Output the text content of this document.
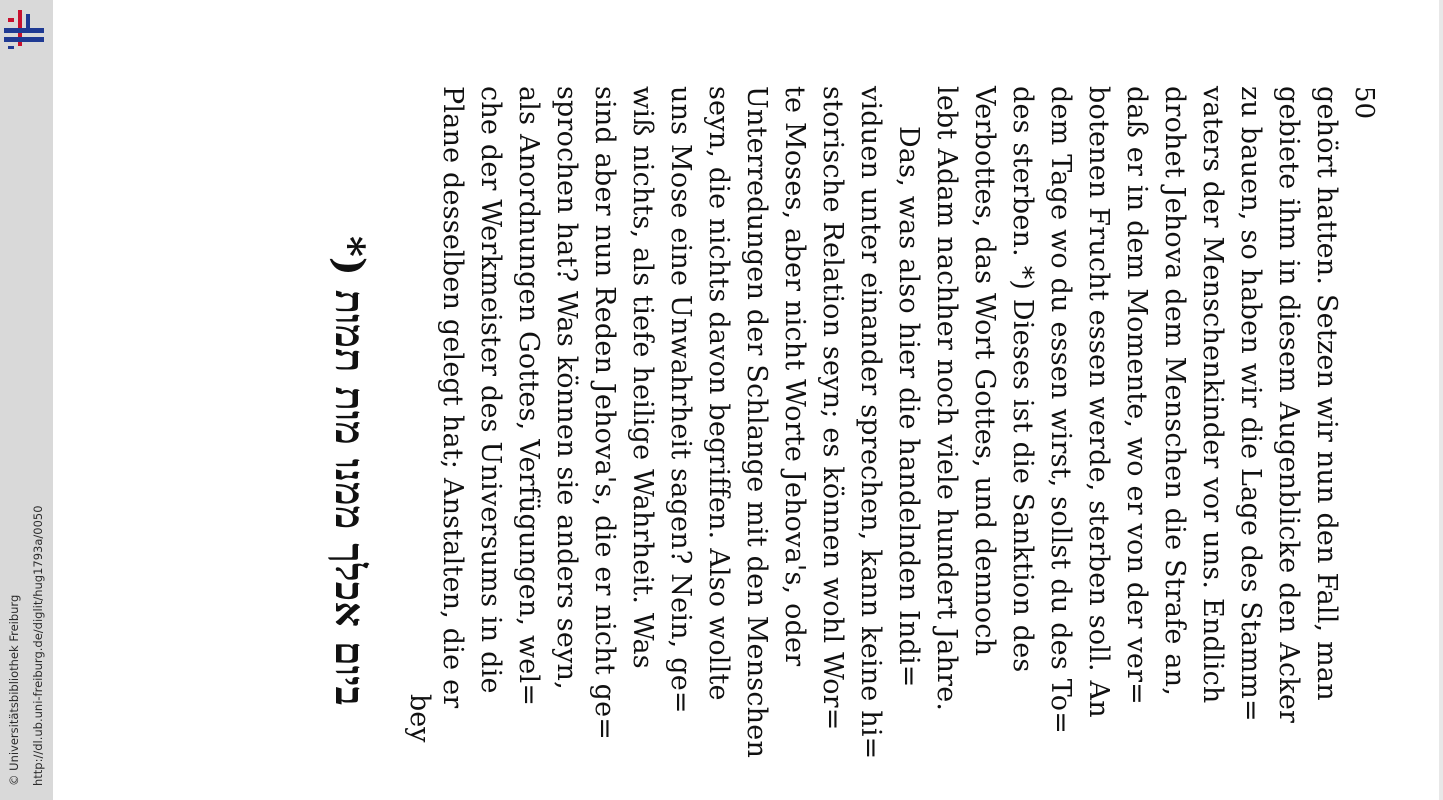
http://dl.ub.uni-freiburg.de/diglit/hug1793a/0050
© Universitätsbibliothek Freiburg
50
gehört hatten. Setzen wir nun den Fall, man
gebiete ihm in diesem Augenblicke den Acker
zu bauen, so haben wir die Lage des Stamm=
vaters der Menschenkinder vor uns. Endlich
drohet Jehova dem Menschen die Strafe an,
daß er in dem Momente, wo er von der ver=
botenen Frucht essen werde, sterben soll. An
dem Tage wo du essen wirst, sollst du des To=
des sterben. *) Dieses ist die Sanktion des
Verbottes, das Wort Gottes, und dennoch
lebt Adam nachher noch viele hundert Jahre.
Das, was also hier die handelnden Indi=
viduen unter einander sprechen, kann keine hi=
storische Relation seyn; es können wohl Wor=
te Moses, aber nicht Worte Jehova's, oder
Unterredungen der Schlange mit den Menschen
seyn, die nichts davon begriffen. Also wollte
uns Mose eine Unwahrheit sagen? Nein, ge=
wiß nichts, als tiefe heilige Wahrheit. Was
sind aber nun Reden Jehova's, die er nicht ge=
sprochen hat? Was können sie anders seyn,
als Anordnungen Gottes, Verfügungen, wel=
che der Werkmeister des Universums in die
Plane desselben gelegt hat; Anstalten, die er
bey
*) ביום אכלך ממנו מות תמות
